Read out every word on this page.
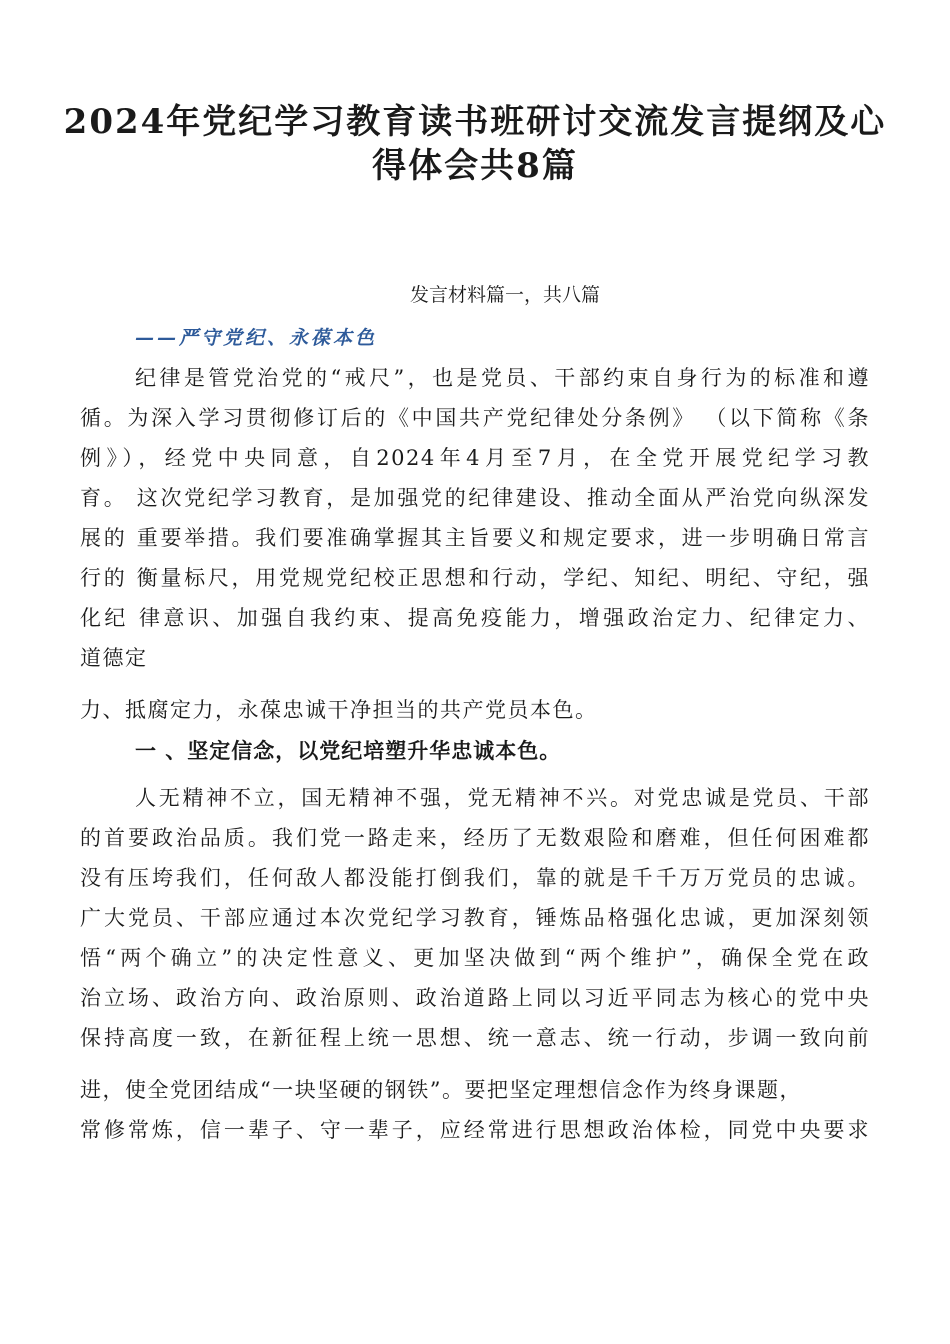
2024年党纪学习教育读书班研讨交流发言提纲及心
得体会共8篇

发言材料篇一，共八篇

——严守党纪、永葆本色

纪律是管党治党的“戒尺”，也是党员、干部约束自身行为的标准和遵

循。为深入学习贯彻修订后的《中国共产党纪律处分条例》 （以下简称《条

例》），经党中央同意，自2024年4月至7月，在全党开展党纪学习教

育。 这次党纪学习教育，是加强党的纪律建设、推动全面从严治党向纵深发

展的 重要举措。我们要准确掌握其主旨要义和规定要求，进一步明确日常言

行的 衡量标尺，用党规党纪校正思想和行动，学纪、知纪、明纪、守纪，强

化纪 律意识、加强自我约束、提高免疫能力，增强政治定力、纪律定力、

道德定

力、抵腐定力，永葆忠诚干净担当的共产党员本色。

一 、坚定信念，以党纪培塑升华忠诚本色。

人无精神不立，国无精神不强，党无精神不兴。对党忠诚是党员、干部

的首要政治品质。我们党一路走来，经历了无数艰险和磨难，但任何困难都

没有压垮我们，任何敌人都没能打倒我们，靠的就是千千万万党员的忠诚。

广大党员、干部应通过本次党纪学习教育，锤炼品格强化忠诚，更加深刻领

悟“两个确立”的决定性意义、更加坚决做到“两个维护”，确保全党在政

治立场、政治方向、政治原则、政治道路上同以习近平同志为核心的党中央

保持高度一致，在新征程上统一思想、统一意志、统一行动，步调一致向前

进，使全党团结成“一块坚硬的钢铁”。要把坚定理想信念作为终身课题，

常修常炼，信一辈子、守一辈子，应经常进行思想政治体检，同党中央要求
